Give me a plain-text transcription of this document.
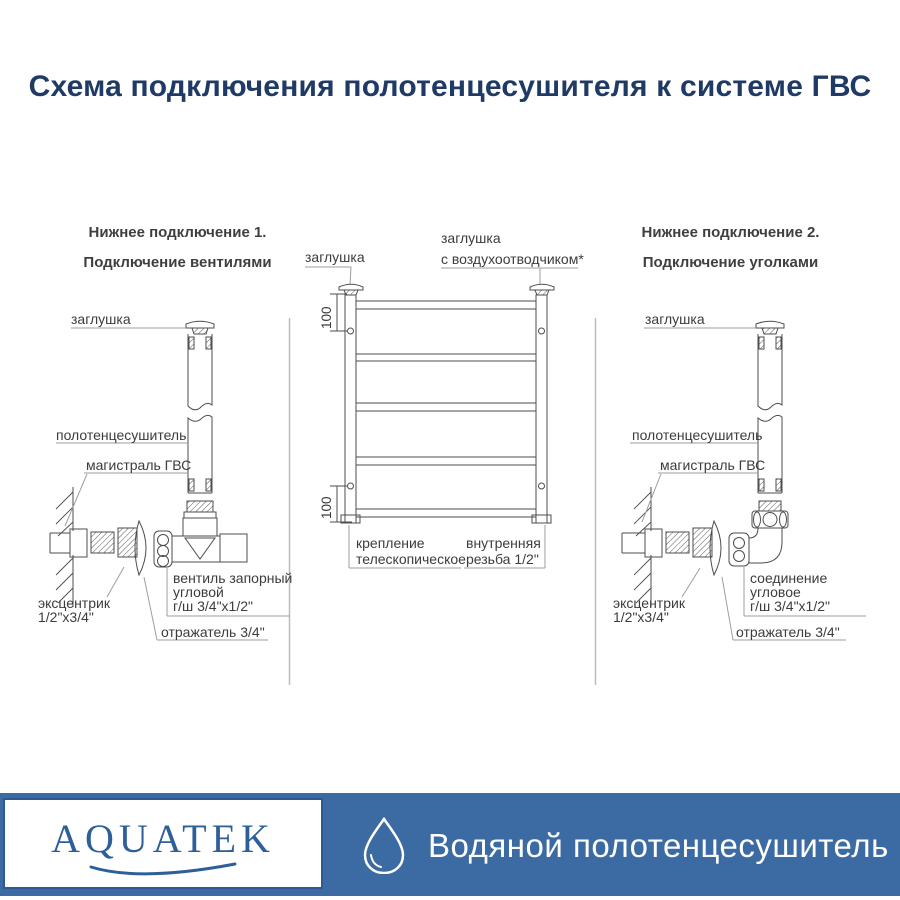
Схема подключения полотенцесушителя к системе ГВС
Нижнее подключение 1.
Подключение вентилями
Нижнее подключение 2.
Подключение уголками
100
100
заглушка
полотенцесушитель
магистраль ГВС
эксцентрик
1/2"х3/4"
вентиль запорный
угловой
г/ш 3/4"х1/2"
отражатель 3/4"
заглушка
заглушка
с воздухоотводчиком*
крепление
телескопическое
внутренняя
резьба 1/2"
заглушка
полотенцесушитель
магистраль ГВС
эксцентрик
1/2"х3/4"
соединение
угловое
г/ш 3/4"х1/2"
отражатель 3/4"
AQUATEK	Водяной полотенцесушитель
